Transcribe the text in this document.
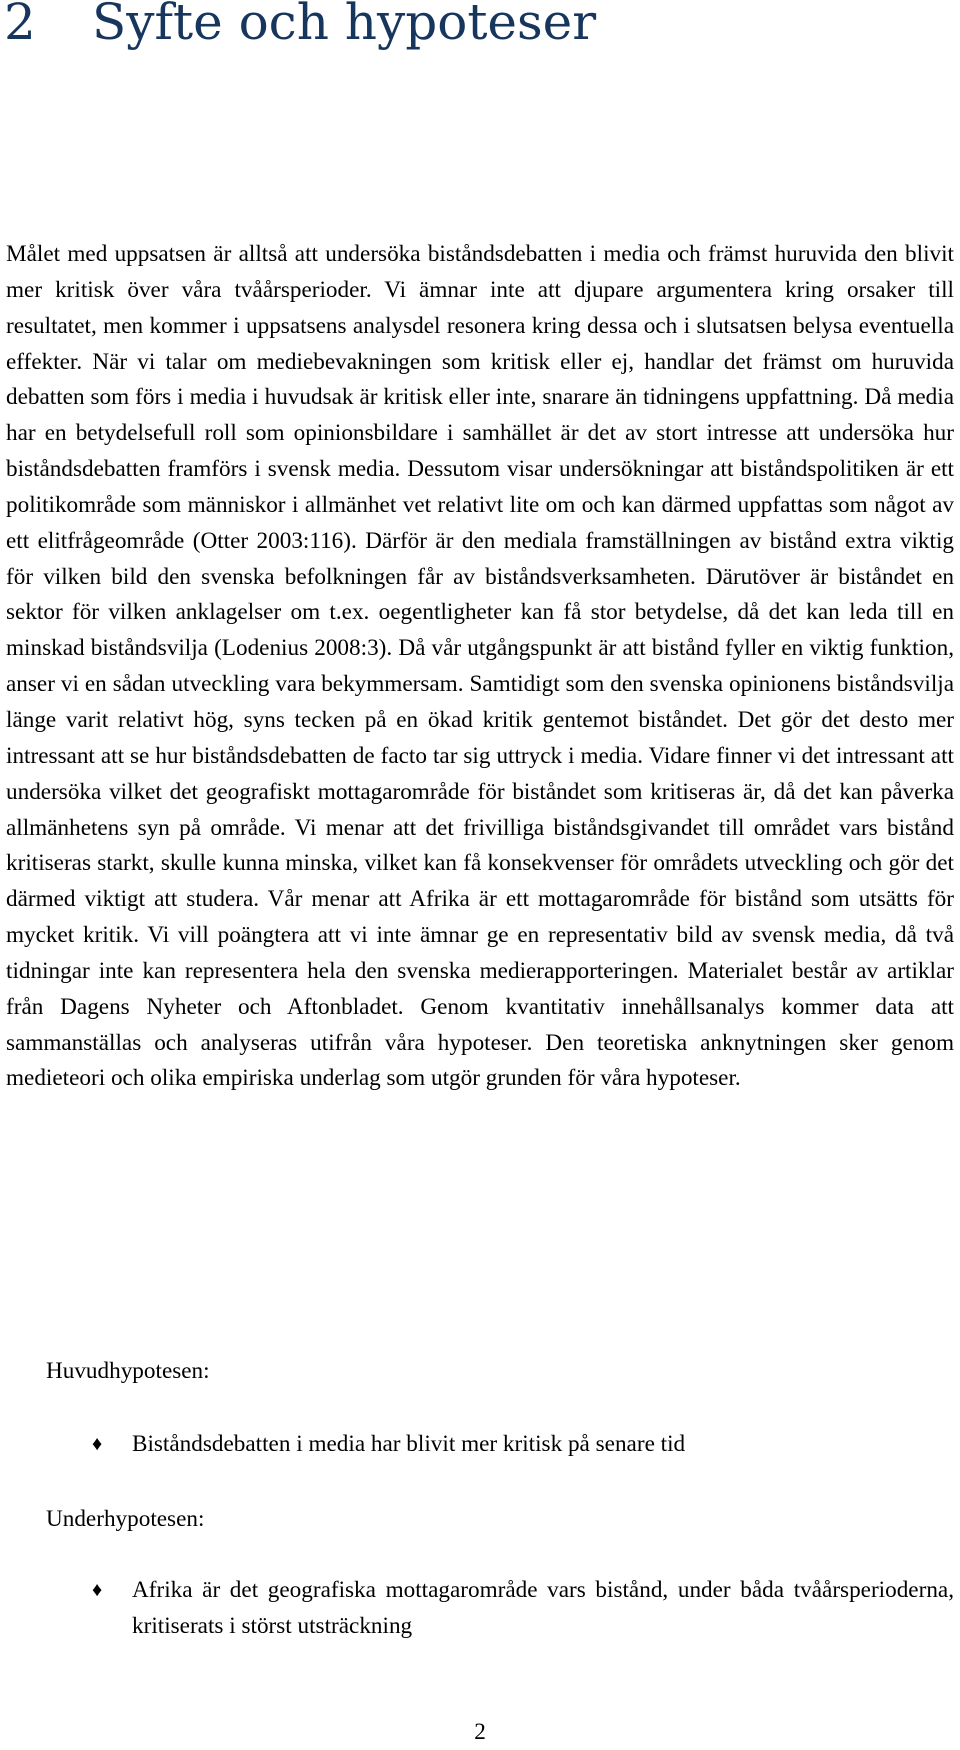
2 Syfte och hypoteser

Målet med uppsatsen är alltså att undersöka biståndsdebatten i media och främst huruvida den blivit mer kritisk över våra tvåårsperioder. Vi ämnar inte att djupare argumentera kring orsaker till resultatet, men kommer i uppsatsens analysdel resonera kring dessa och i slutsatsen belysa eventuella effekter. När vi talar om mediebevakningen som kritisk eller ej, handlar det främst om huruvida debatten som förs i media i huvudsak är kritisk eller inte, snarare än tidningens uppfattning. Då media har en betydelsefull roll som opinionsbildare i samhället är det av stort intresse att undersöka hur biståndsdebatten framförs i svensk media. Dessutom visar undersökningar att biståndspolitiken är ett politikområde som människor i allmänhet vet relativt lite om och kan därmed uppfattas som något av ett elitfrågeområde (Otter 2003:116). Därför är den mediala framställningen av bistånd extra viktig för vilken bild den svenska befolkningen får av biståndsverksamheten. Därutöver är biståndet en sektor för vilken anklagelser om t.ex. oegentligheter kan få stor betydelse, då det kan leda till en minskad biståndsvilja (Lodenius 2008:3). Då vår utgångspunkt är att bistånd fyller en viktig funktion, anser vi en sådan utveckling vara bekymmersam. Samtidigt som den svenska opinionens biståndsvilja länge varit relativt hög, syns tecken på en ökad kritik gentemot biståndet. Det gör det desto mer intressant att se hur biståndsdebatten de facto tar sig uttryck i media. Vidare finner vi det intressant att undersöka vilket det geografiskt mottagarområde för biståndet som kritiseras är, då det kan påverka allmänhetens syn på område. Vi menar att det frivilliga biståndsgivandet till området vars bistånd kritiseras starkt, skulle kunna minska, vilket kan få konsekvenser för områdets utveckling och gör det därmed viktigt att studera. Vår menar att Afrika är ett mottagarområde för bistånd som utsätts för mycket kritik. Vi vill poängtera att vi inte ämnar ge en representativ bild av svensk media, då två tidningar inte kan representera hela den svenska medierapporteringen. Materialet består av artiklar från Dagens Nyheter och Aftonbladet. Genom kvantitativ innehållsanalys kommer data att sammanställas och analyseras utifrån våra hypoteser. Den teoretiska anknytningen sker genom medieteori och olika empiriska underlag som utgör grunden för våra hypoteser.

Huvudhypotesen:

♦	Biståndsdebatten i media har blivit mer kritisk på senare tid

Underhypotesen:

♦	Afrika är det geografiska mottagarområde vars bistånd, under båda tvåårsperioderna, kritiserats i störst utsträckning

2
